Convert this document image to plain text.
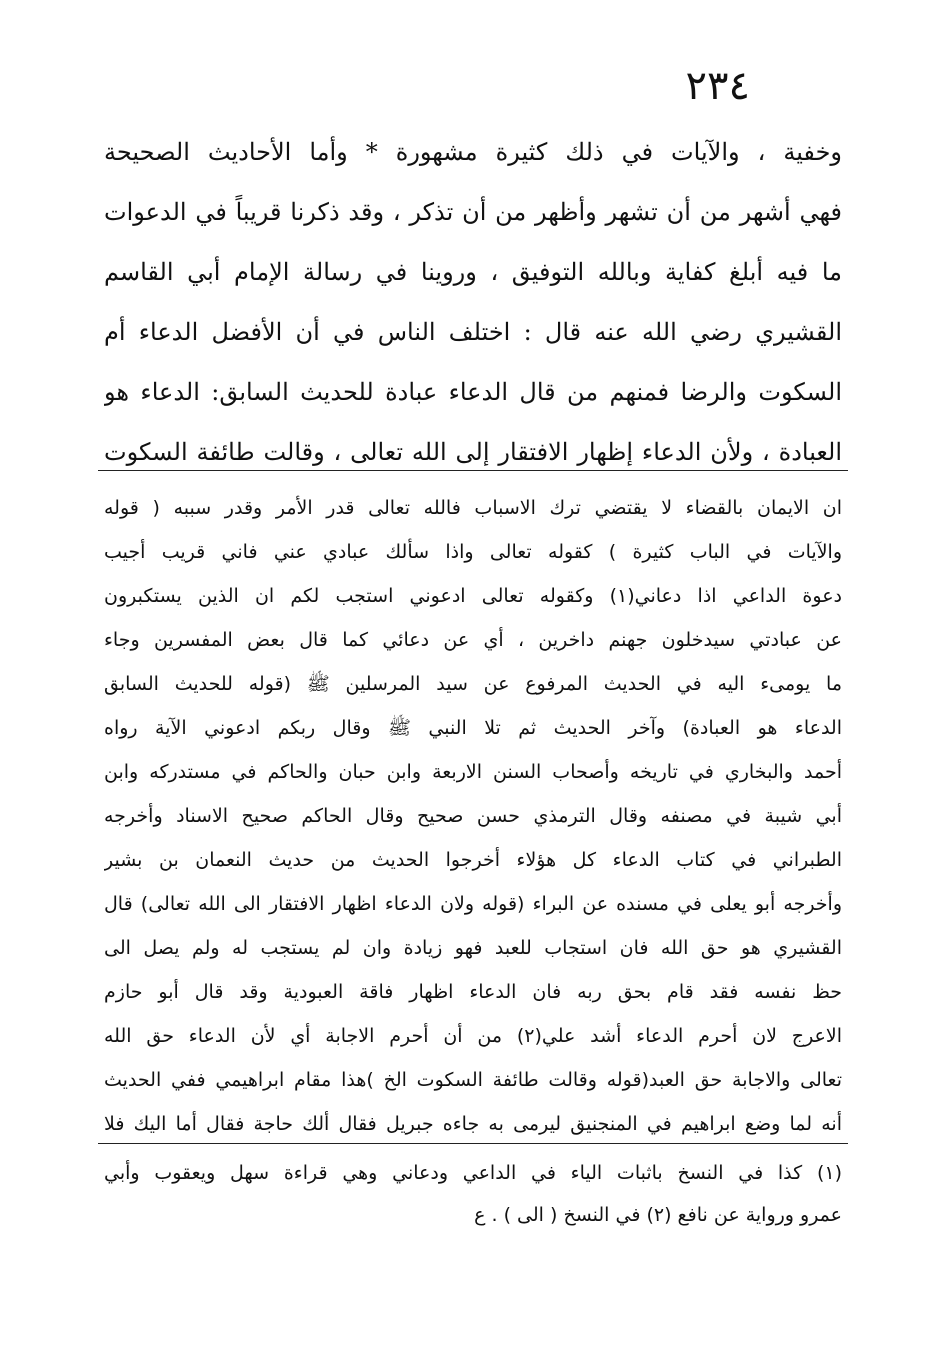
٢٣٤
وخفية ، والآيات في ذلك كثيرة مشهورة * وأما الأحاديث الصحيحة
فهي أشهر من أن تشهر وأظهر من أن تذكر ، وقد ذكرنا قريباً في الدعوات
ما فيه أبلغ كفاية وبالله التوفيق ، وروينا في رسالة الإمام أبي القاسم
القشيري رضي الله عنه قال : اختلف الناس في أن الأفضل الدعاء أم
السكوت والرضا فمنهم من قال الدعاء عبادة للحديث السابق: الدعاء هو
العبادة ، ولأن الدعاء إظهار الافتقار إلى الله تعالى ، وقالت طائفة السكوت
ان الايمان بالقضاء لا يقتضي ترك الاسباب فالله تعالى قدر الأمر وقدر سببه ( قوله
والآيات في الباب كثيرة ) كقوله تعالى واذا سألك عبادي عني فاني قريب أجيب
دعوة الداعي اذا دعاني(١) وكقوله تعالى ادعوني استجب لكم ان الذين يستكبرون
عن عبادتي سيدخلون جهنم داخرين ، أي عن دعائي كما قال بعض المفسرين وجاء
ما يومىء اليه في الحديث المرفوع عن سيد المرسلين ﷺ (قوله للحديث السابق
الدعاء هو العبادة) وآخر الحديث ثم تلا النبي ﷺ وقال ربكم ادعوني الآية رواه
أحمد والبخاري في تاريخه وأصحاب السنن الاربعة وابن حبان والحاكم في مستدركه وابن
أبي شيبة في مصنفه وقال الترمذي حسن صحيح وقال الحاكم صحيح الاسناد وأخرجه
الطبراني في كتاب الدعاء كل هؤلاء أخرجوا الحديث من حديث النعمان بن بشير
وأخرجه أبو يعلى في مسنده عن البراء (قوله ولان الدعاء اظهار الافتقار الى الله تعالى) قال
القشيري هو حق الله فان استجاب للعبد فهو زيادة وان لم يستجب له ولم يصل الى
حظ نفسه فقد قام بحق ربه فان الدعاء اظهار فاقة العبودية وقد قال أبو حازم
الاعرج لان أحرم الدعاء أشد علي(٢) من أن أحرم الاجابة أي لأن الدعاء حق الله
تعالى والاجابة حق العبد(قوله وقالت طائفة السكوت الخ )هذا مقام ابراهيمي ففي الحديث
أنه لما وضع ابراهيم في المنجنيق ليرمى به جاءه جبريل فقال ألك حاجة فقال أما اليك فلا
(١) كذا في النسخ باثبات الياء في الداعي ودعاني وهي قراءة سهل ويعقوب وأبي
عمرو ورواية عن نافع (٢) في النسخ ( الى ) . ع
